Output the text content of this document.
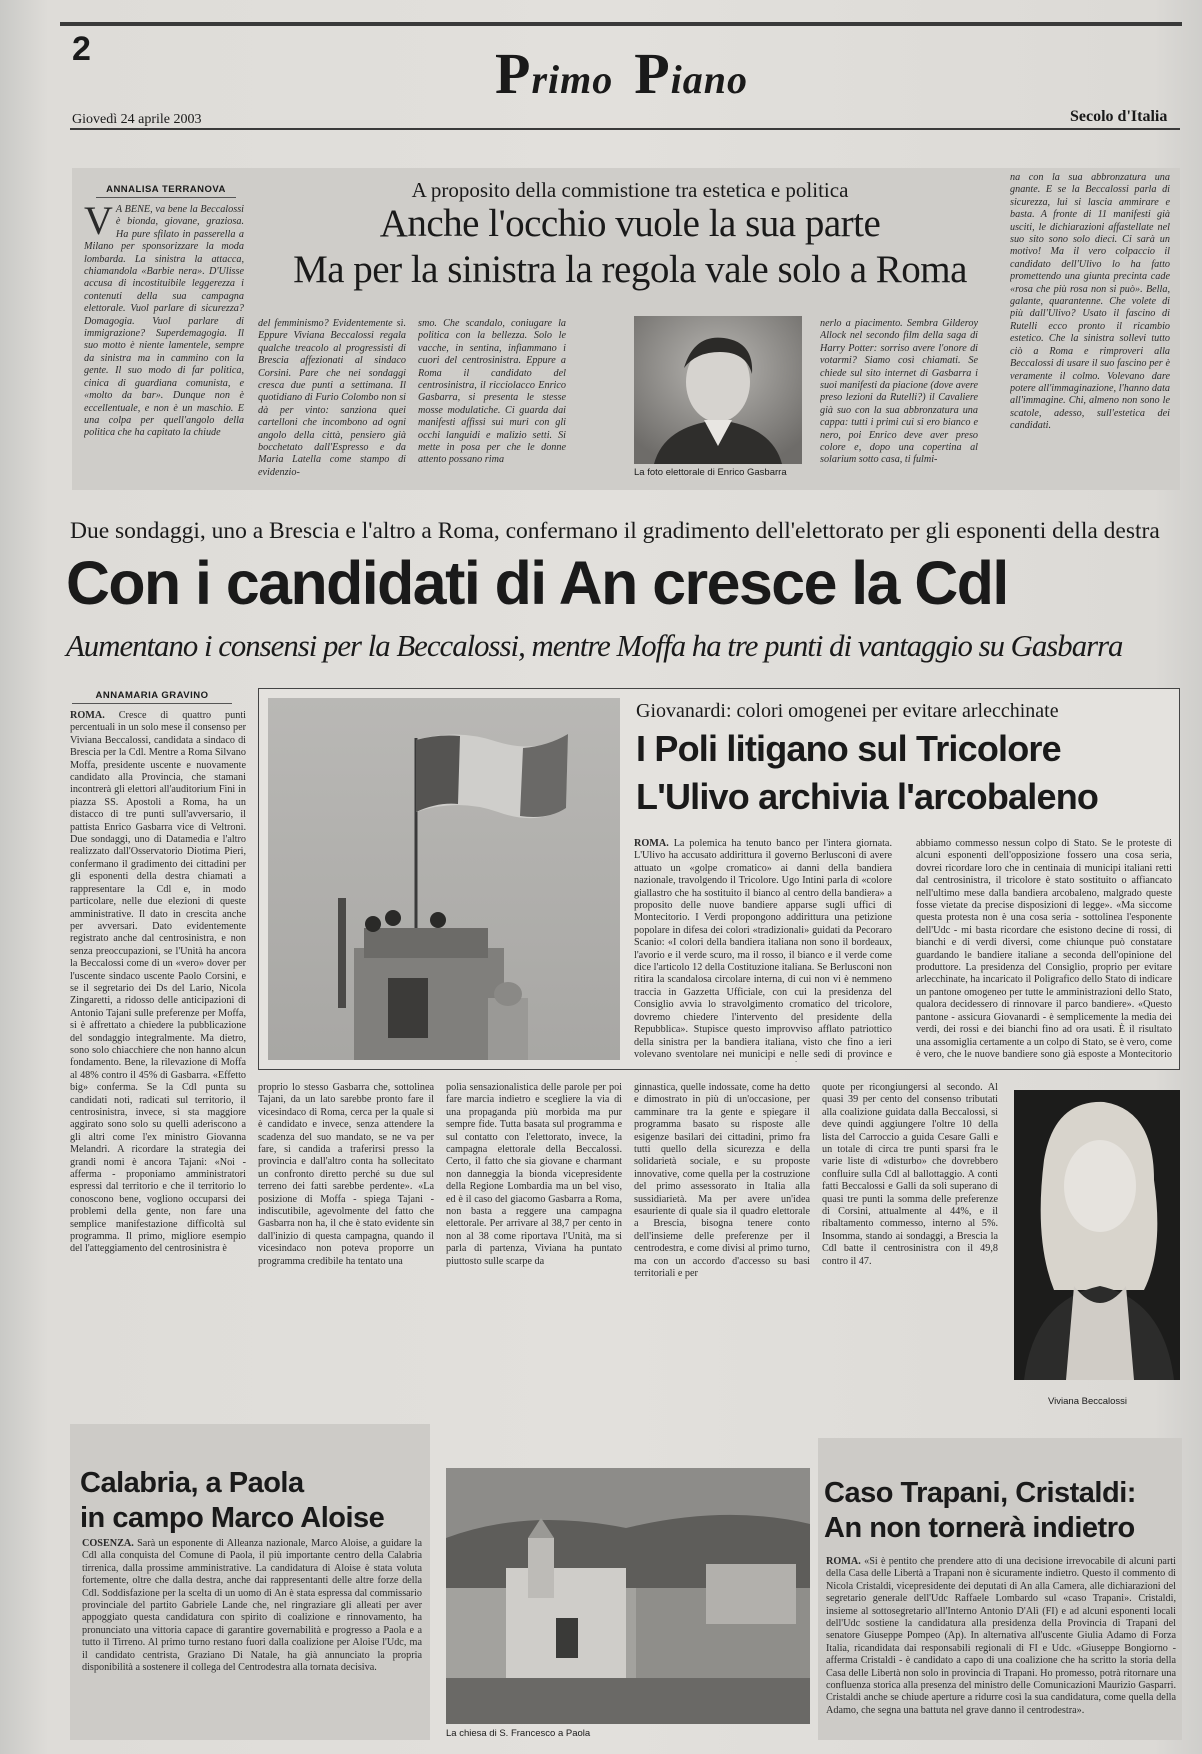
2	Primo Piano
Giovedì 24 aprile 2003	Secolo d'Italia
ANNALISA TERRANOVA
V A BENE, va bene la Beccalossi è bionda, giovane, graziosa. Ha pure sfilato in passerella a Milano per sponsorizzare la moda lombarda. La sinistra la attacca, chiamandola «Barbie nera». D'Ulisse accusa di incostituibile leggerezza i contenuti della sua campagna elettorale. Vuol parlare di sicurezza? Domagogia. Vuol parlare di immigrazione? Superdemagogia. Il suo motto è niente lamentele, sempre da sinistra ma in cammino con la gente. Il suo modo di far politica, cinica di guardiana comunista, e «molto da bar». Dunque non è eccellentuale, e non è un maschio. E una colpa per quell'angolo della politica che ha capitato la chiude
A proposito della commistione tra estetica e politica
Anche l'occhio vuole la sua parte
Ma per la sinistra la regola vale solo a Roma
del femminismo? Evidentemente sì. Eppure Viviana Beccalossi regala qualche treacolo al progressisti di Brescia affezionati al sindaco Corsini. Pare che nei sondaggi cresca due punti a settimana. Il quotidiano di Furio Colombo non si dà per vinto: sanziona quei cartelloni che incombono ad ogni angolo della città, pensiero già bocchetato dall'Espresso e da Maria Latella come stampo di evidenzio-
smo. Che scandalo, coniugare la politica con la bellezza. Solo le vacche, in sentina, infiammano i cuori del centrosinistra. Eppure a Roma il candidato del centrosinistra, il ricciolacco Enrico Gasbarra, si presenta le stesse mosse modulatiche. Ci guarda dai manifesti affissi sui muri con gli occhi languidi e malizio setti. Si mette in posa per che le donne attento possano rima
La foto elettorale di Enrico Gasbarra
nerlo a piacimento. Sembra Gilderoy Allock nel secondo film della saga di Harry Potter: sorriso avere l'onore di votarmi? Siamo così chiamati. Se chiede sul sito internet di Gasbarra i suoi manifesti da piacione (dove avere preso lezioni da Rutelli?) il Cavaliere già suo con la sua abbronzatura una cappa: tutti i primi cui si ero bianco e nero, poi Enrico deve aver preso colore e, dopo una copertina al solarium sotto casa, ti fulmi-
na con la sua abbronzatura una gnante. E se la Beccalossi parla di sicurezza, lui si lascia ammirare e basta. A fronte di 11 manifesti già usciti, le dichiarazioni affastellate nel suo sito sono solo dieci. Ci sarà un motivo! Ma il vero colpaccio il candidato dell'Ulivo lo ha fatto promettendo una giunta precinta cade «rosa che più rosa non si può». Bella, galante, quarantenne. Che volete di più dall'Ulivo? Usato il fascino di Rutelli ecco pronto il ricambio estetico. Che la sinistra sollevi tutto ciò a Roma e rimproveri alla Beccalossi di usare il suo fascino per è veramente il colmo. Volevano dare potere all'immaginazione, l'hanno data all'immagine. Chi, almeno non sono le scatole, adesso, sull'estetica dei candidati.
Due sondaggi, uno a Brescia e l'altro a Roma, confermano il gradimento dell'elettorato per gli esponenti della destra
Con i candidati di An cresce la Cdl
Aumentano i consensi per la Beccalossi, mentre Moffa ha tre punti di vantaggio su Gasbarra
ANNAMARIA GRAVINO
ROMA. Cresce di quattro punti percentuali in un solo mese il consenso per Viviana Beccalossi, candidata a sindaco di Brescia per la Cdl. Mentre a Roma Silvano Moffa, presidente uscente e nuovamente candidato alla Provincia, che stamani incontrerà gli elettori all'auditorium Fini in piazza SS. Apostoli a Roma, ha un distacco di tre punti sull'avversario, il pattista Enrico Gasbarra vice di Veltroni. Due sondaggi, uno di Datamedia e l'altro realizzato dall'Osservatorio Diotima Pieri, confermano il gradimento dei cittadini per gli esponenti della destra chiamati a rappresentare la Cdl e, in modo particolare, nelle due elezioni di queste amministrative. Il dato in crescita anche per avversari. Dato evidentemente registrato anche dal centrosinistra, e non senza preoccupazioni, se l'Unità ha ancora la Beccalossi come di un «vero» dover per l'uscente sindaco uscente Paolo Corsini, e se il segretario dei Ds del Lario, Nicola Zingaretti, a ridosso delle anticipazioni di Antonio Tajani sulle preferenze per Moffa, si è affrettato a chiedere la pubblicazione del sondaggio integralmente. Ma dietro, sono solo chiacchiere che non hanno alcun fondamento. Bene, la rilevazione di Moffa al 48% contro il 45% di Gasbarra. «Effetto big» conferma. Se la Cdl punta su candidati noti, radicati sul territorio, il centrosinistra, invece, si sta maggiore aggirato sono solo su quelli aderiscono a gli altri come l'ex ministro Giovanna Melandri. A ricordare la strategia dei grandi nomi è ancora Tajani: «Noi - afferma - proponiamo amministratori espressi dal territorio e che il territorio lo conoscono bene, vogliono occuparsi dei problemi della gente, non fare una semplice manifestazione difficoltà sul programma. Il primo, migliore esempio del l'atteggiamento del centrosinistra è
Giovanardi: colori omogenei per evitare arlecchinate
I Poli litigano sul Tricolore
L'Ulivo archivia l'arcobaleno
ROMA. La polemica ha tenuto banco per l'intera giornata. L'Ulivo ha accusato addirittura il governo Berlusconi di avere attuato un «golpe cromatico» ai danni della bandiera nazionale, travolgendo il Tricolore. Ugo Intini parla di «colore giallastro che ha sostituito il bianco al centro della bandiera» a proposito delle nuove bandiere apparse sugli uffici di Montecitorio. I Verdi propongono addirittura una petizione popolare in difesa dei colori «tradizionali» guidati da Pecoraro Scanio: «I colori della bandiera italiana non sono il bordeaux, l'avorio e il verde scuro, ma il rosso, il bianco e il verde come dice l'articolo 12 della Costituzione italiana. Se Berlusconi non ritira la scandalosa circolare interna, di cui non vi è nemmeno traccia in Gazzetta Ufficiale, con cui la presidenza del Consiglio avvia lo stravolgimento cromatico del tricolore, dovremo chiedere l'intervento del presidente della Repubblica». Stupisce questo improvviso afflato patriottico della sinistra per la bandiera italiana, visto che fino a ieri volevano sventolare nei municipi e nelle sedi di province e
abbiamo commesso nessun colpo di Stato. Se le proteste di alcuni esponenti dell'opposizione fossero una cosa seria, dovrei ricordare loro che in centinaia di municipi italiani retti dal centrosinistra, il tricolore è stato sostituito o affiancato nell'ultimo mese dalla bandiera arcobaleno, malgrado queste fosse vietate da precise disposizioni di legge». «Ma siccome questa protesta non è una cosa seria - sottolinea l'esponente dell'Udc - mi basta ricordare che esistono decine di rossi, di bianchi e di verdi diversi, come chiunque può constatare guardando le bandiere italiane a seconda dell'opinione del produttore. La presidenza del Consiglio, proprio per evitare arlecchinate, ha incaricato il Poligrafico dello Stato di indicare un pantone omogeneo per tutte le amministrazioni dello Stato, qualora decidessero di rinnovare il parco bandiere». «Questo pantone - assicura Giovanardi - è semplicemente la media dei verdi, dei rossi e dei bianchi fino ad ora usati. È il risultato una assomiglia certamente a un colpo di Stato, se è vero, come è vero, che le nuove bandiere sono già esposte a Montecitorio
proprio lo stesso Gasbarra che, sottolinea Tajani, da un lato sarebbe pronto fare il vicesindaco di Roma, cerca per la quale si è candidato e invece, senza attendere la scadenza del suo mandato, se ne va per fare, si candida a traferirsi presso la provincia e dall'altro conta ha sollecitato un confronto diretto perché su due sul terreno dei fatti sarebbe perdente». «La posizione di Moffa - spiega Tajani - indiscutibile, agevolmente del fatto che Gasbarra non ha, il che è stato evidente sin dall'inizio di questa campagna, quando il vicesindaco non poteva proporre un programma credibile ha tentato una
polìa sensazionalistica delle parole per poi fare marcia indietro e scegliere la via di una propaganda più morbida ma pur sempre fide. Tutta basata sul programma e sul contatto con l'elettorato, invece, la campagna elettorale della Beccalossi. Certo, il fatto che sia giovane e charmant non danneggia la bionda vicepresidente della Regione Lombardia ma un bel viso, ed è il caso del giacomo Gasbarra a Roma, non basta a reggere una campagna elettorale. Per arrivare al 38,7 per cento in non al 38 come riportava l'Unità, ma si parla di partenza, Viviana ha puntato piuttosto sulle scarpe da
ginnastica, quelle indossate, come ha detto e dimostrato in più di un'occasione, per camminare tra la gente e spiegare il programma basato su risposte alle esigenze basilari dei cittadini, primo fra tutti quello della sicurezza e della solidarietà sociale, e su proposte innovative, come quella per la costruzione del primo assessorato in Italia alla sussidiarietà. Ma per avere un'idea esauriente di quale sia il quadro elettorale a Brescia, bisogna tenere conto dell'insieme delle preferenze per il centrodestra, e come divisi al primo turno, ma con un accordo d'accesso su basi territoriali e per
quote per ricongiungersi al secondo. Al quasi 39 per cento del consenso tributati alla coalizione guidata dalla Beccalossi, si deve quindi aggiungere l'oltre 10 della lista del Carroccio a guida Cesare Galli e un totale di circa tre punti sparsi fra le varie liste di «disturbo» che dovrebbero confluire sulla Cdl al ballottaggio. A conti fatti Beccalossi e Galli da soli superano di quasi tre punti la somma delle preferenze di Corsini, attualmente al 44%, e il ribaltamento commesso, interno al 5%. Insomma, stando ai sondaggi, a Brescia la Cdl batte il centrosinistra con il 49,8 contro il 47.
Viviana Beccalossi
Calabria, a Paola
in campo Marco Aloise
COSENZA. Sarà un esponente di Alleanza nazionale, Marco Aloise, a guidare la Cdl alla conquista del Comune di Paola, il più importante centro della Calabria tirrenica, dalla prossime amministrative. La candidatura di Aloise è stata voluta fortemente, oltre che dalla destra, anche dai rappresentanti delle altre forze della Cdl. Soddisfazione per la scelta di un uomo di An è stata espressa dal commissario provinciale del partito Gabriele Lande che, nel ringraziare gli alleati per aver appoggiato questa candidatura con spirito di coalizione e rinnovamento, ha pronunciato una vittoria capace di garantire governabilità e progresso a Paola e a tutto il Tirreno. Al primo turno restano fuori dalla coalizione per Aloise l'Udc, ma il candidato centrista, Graziano Di Natale, ha già annunciato la propria disponibilità a sostenere il collega del Centrodestra alla tornata decisiva.
La chiesa di S. Francesco a Paola
Caso Trapani, Cristaldi:
An non tornerà indietro
ROMA. «Si è pentito che prendere atto di una decisione irrevocabile di alcuni parti della Casa delle Libertà a Trapani non è sicuramente indietro. Questo il commento di Nicola Cristaldi, vicepresidente dei deputati di An alla Camera, alle dichiarazioni del segretario generale dell'Udc Raffaele Lombardo sul «caso Trapani». Cristaldi, insieme al sottosegretario all'Interno Antonio D'Alì (FI) e ad alcuni esponenti locali dell'Udc sostiene la candidatura alla presidenza della Provincia di Trapani del senatore Giuseppe Pompeo (Ap). In alternativa all'uscente Giulia Adamo di Forza Italia, ricandidata dai responsabili regionali di FI e Udc. «Giuseppe Bongiorno - afferma Cristaldi - è candidato a capo di una coalizione che ha scritto la storia della Casa delle Libertà non solo in provincia di Trapani. Ho promesso, potrà ritornare una confluenza storica alla presenza del ministro delle Comunicazioni Maurizio Gasparri. Cristaldi anche se chiude aperture a ridurre così la sua candidatura, come quella della Adamo, che segna una battuta nel grave danno il centrodestra».
